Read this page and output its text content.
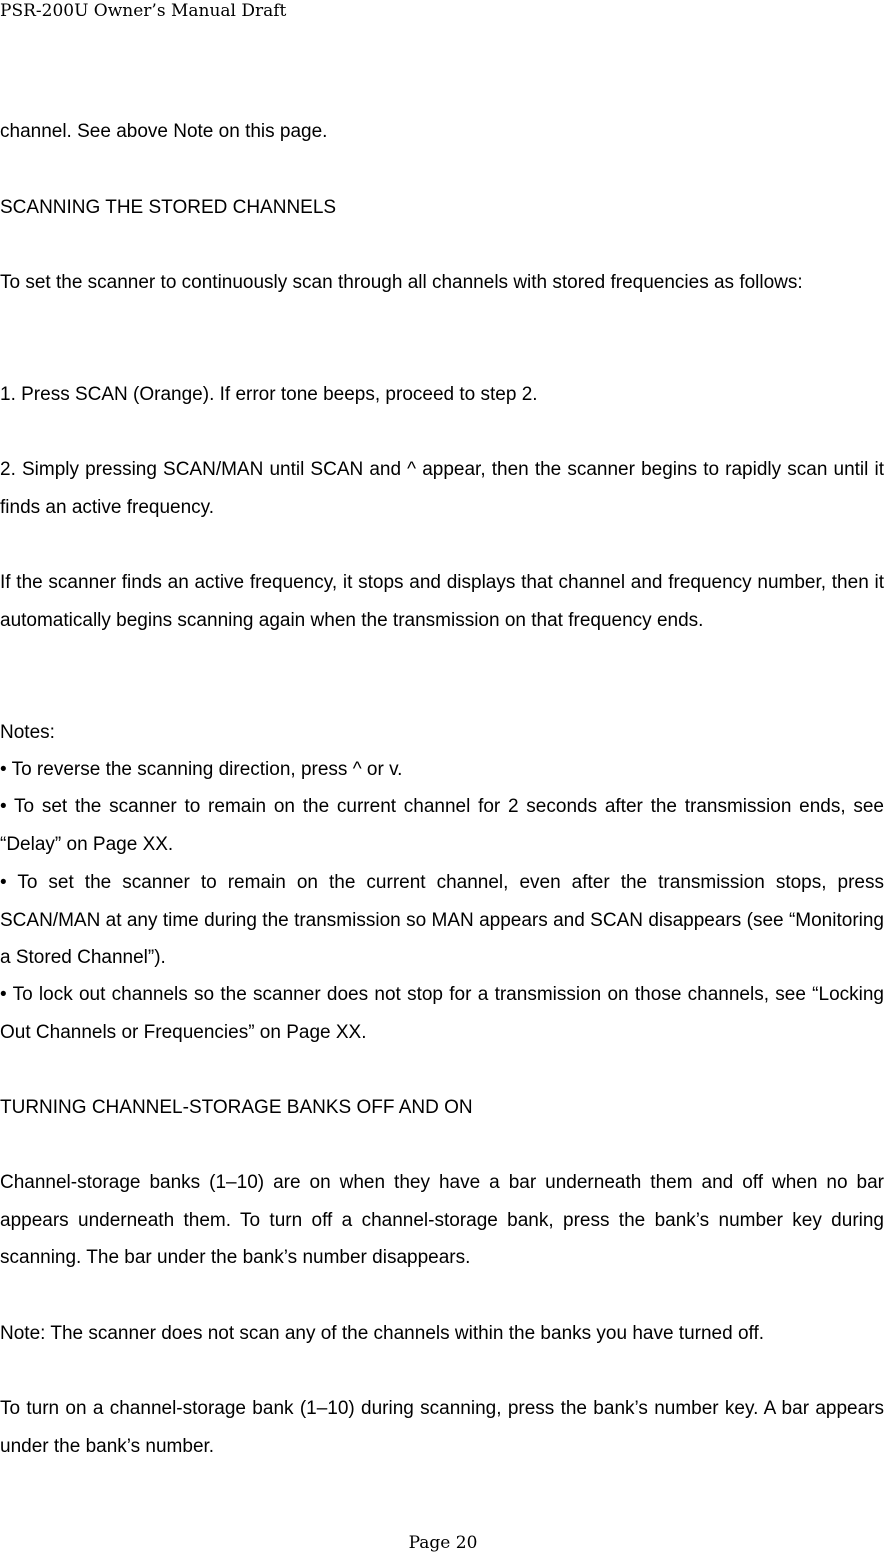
PSR-200U Owner’s Manual Draft

channel. See above Note on this page.

SCANNING THE STORED CHANNELS

To set the scanner to continuously scan through all channels with stored frequencies as follows:

1. Press SCAN (Orange). If error tone beeps, proceed to step 2.

2. Simply pressing SCAN/MAN until SCAN and ^ appear, then the scanner begins to rapidly scan until it finds an active frequency.

If the scanner finds an active frequency, it stops and displays that channel and frequency number, then it automatically begins scanning again when the transmission on that frequency ends.

Notes:

• To reverse the scanning direction, press ^ or v.

• To set the scanner to remain on the current channel for 2 seconds after the transmission ends, see “Delay” on Page XX.

• To set the scanner to remain on the current channel, even after the transmission stops, press SCAN/MAN at any time during the transmission so MAN appears and SCAN disappears (see “Monitoring a Stored Channel”).

• To lock out channels so the scanner does not stop for a transmission on those channels, see “Locking Out Channels or Frequencies” on Page XX.

TURNING CHANNEL-STORAGE BANKS OFF AND ON

Channel-storage banks (1–10) are on when they have a bar underneath them and off when no bar appears underneath them. To turn off a channel-storage bank, press the bank’s number key during scanning. The bar under the bank’s number disappears.

Note: The scanner does not scan any of the channels within the banks you have turned off.

To turn on a channel-storage bank (1–10) during scanning, press the bank’s number key. A bar appears under the bank’s number.

Page 20
